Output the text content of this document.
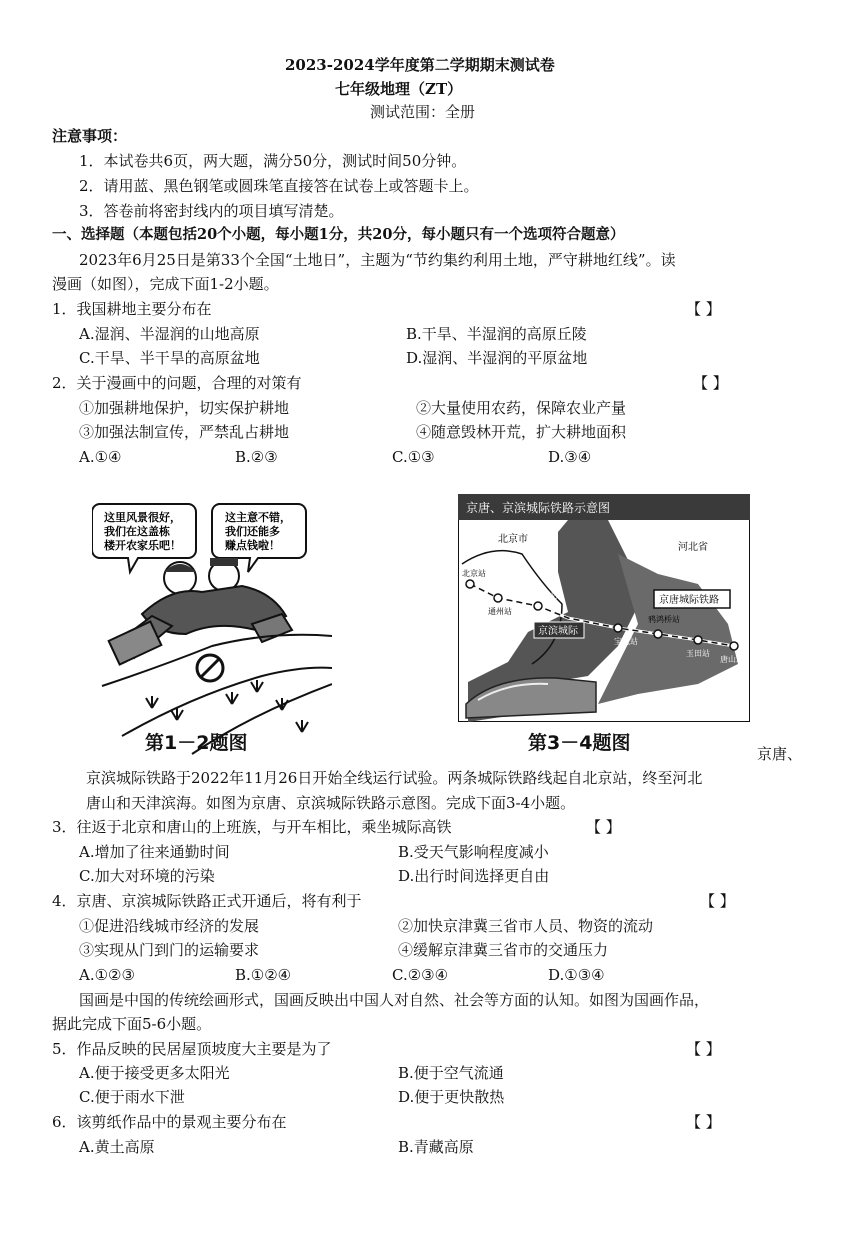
2023-2024学年度第二学期期末测试卷
七年级地理（ZT）
测试范围：全册
注意事项：
1．本试卷共6页，两大题，满分50分，测试时间50分钟。
2．请用蓝、黑色钢笔或圆珠笔直接答在试卷上或答题卡上。
3．答卷前将密封线内的项目填写清楚。
一、选择题（本题包括20个小题，每小题1分，共20分，每小题只有一个选项符合题意）
2023年6月25日是第33个全国“土地日”，主题为“节约集约利用土地，严守耕地红线”。读
漫画（如图），完成下面1-2小题。
1．我国耕地主要分布在	【 】
A.湿润、半湿润的山地高原	B.干旱、半湿润的高原丘陵
C.干旱、半干旱的高原盆地	D.湿润、半湿润的平原盆地
2．关于漫画中的问题，合理的对策有	【 】
①加强耕地保护，切实保护耕地	②大量使用农药，保障农业产量
③加强法制宣传，严禁乱占耕地	④随意毁林开荒，扩大耕地面积
A.①④	B.②③	C.①③	D.③④
这里风景很好，
我们在这盖栋
楼开农家乐吧！
这主意不错，
我们还能多
赚点钱啦！
第1－2题图
京唐、京滨城际铁路示意图
北京市
河北省
北京站
通州站
香河站
宝坻站
鸦鸿桥站
玉田站
唐山站
京唐城际铁路
京滨城际
第3－4题图	京唐、
京滨城际铁路于2022年11月26日开始全线运行试验。两条城际铁路线起自北京站，终至河北
唐山和天津滨海。如图为京唐、京滨城际铁路示意图。完成下面3-4小题。
3．往返于北京和唐山的上班族，与开车相比，乘坐城际高铁	【 】
A.增加了往来通勤时间	B.受天气影响程度减小
C.加大对环境的污染	D.出行时间选择更自由
4．京唐、京滨城际铁路正式开通后，将有利于	【 】
①促进沿线城市经济的发展	②加快京津冀三省市人员、物资的流动
③实现从门到门的运输要求	④缓解京津冀三省市的交通压力
A.①②③	B.①②④	C.②③④	D.①③④
国画是中国的传统绘画形式，国画反映出中国人对自然、社会等方面的认知。如图为国画作品，
据此完成下面5-6小题。
5．作品反映的民居屋顶坡度大主要是为了	【 】
A.便于接受更多太阳光	B.便于空气流通
C.便于雨水下泄	D.便于更快散热
6．该剪纸作品中的景观主要分布在	【 】
A.黄土高原	B.青藏高原
